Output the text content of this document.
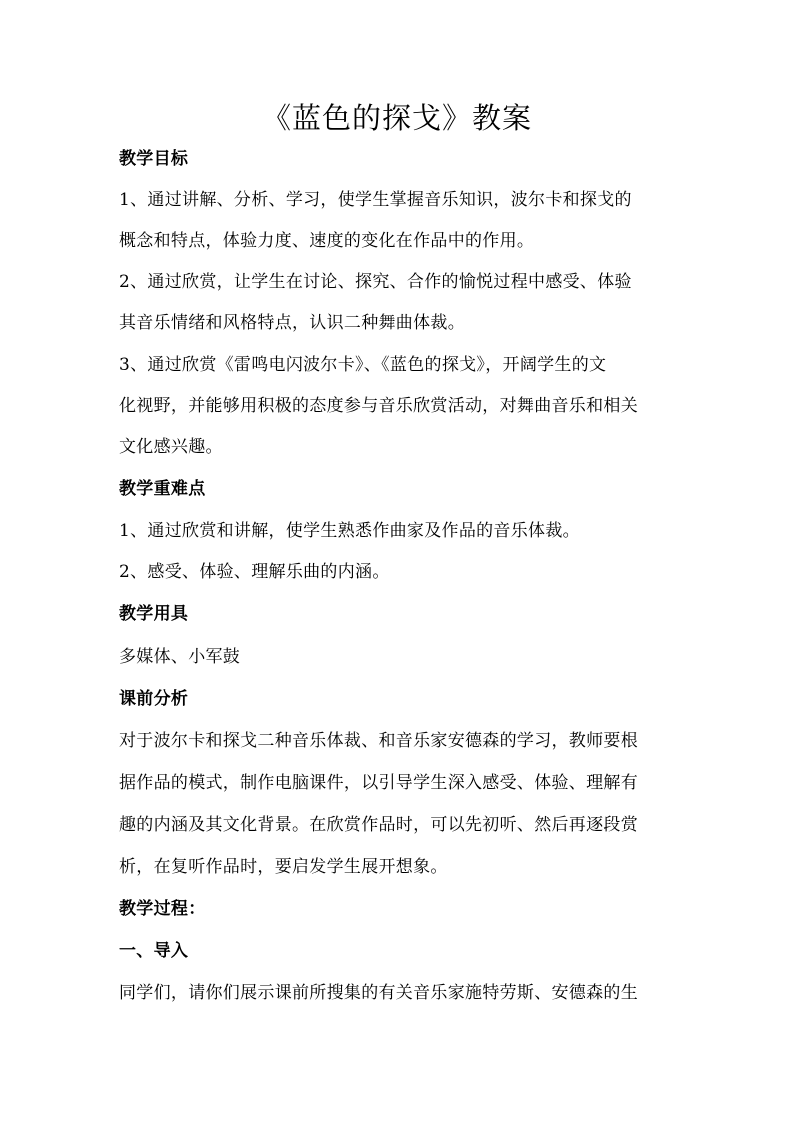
《蓝色的探戈》教案
教学目标
1、通过讲解、分析、学习，使学生掌握音乐知识，波尔卡和探戈的
概念和特点，体验力度、速度的变化在作品中的作用。
2、通过欣赏，让学生在讨论、探究、合作的愉悦过程中感受、体验
其音乐情绪和风格特点，认识二种舞曲体裁。
3、通过欣赏《雷鸣电闪波尔卡》、《蓝色的探戈》，开阔学生的文
化视野，并能够用积极的态度参与音乐欣赏活动，对舞曲音乐和相关
文化感兴趣。
教学重难点
1、通过欣赏和讲解，使学生熟悉作曲家及作品的音乐体裁。
2、感受、体验、理解乐曲的内涵。
教学用具
多媒体、小军鼓
课前分析
对于波尔卡和探戈二种音乐体裁、和音乐家安德森的学习，教师要根
据作品的模式，制作电脑课件，以引导学生深入感受、体验、理解有
趣的内涵及其文化背景。在欣赏作品时，可以先初听、然后再逐段赏
析，在复听作品时，要启发学生展开想象。
教学过程：
一、导入
同学们，请你们展示课前所搜集的有关音乐家施特劳斯、安德森的生
